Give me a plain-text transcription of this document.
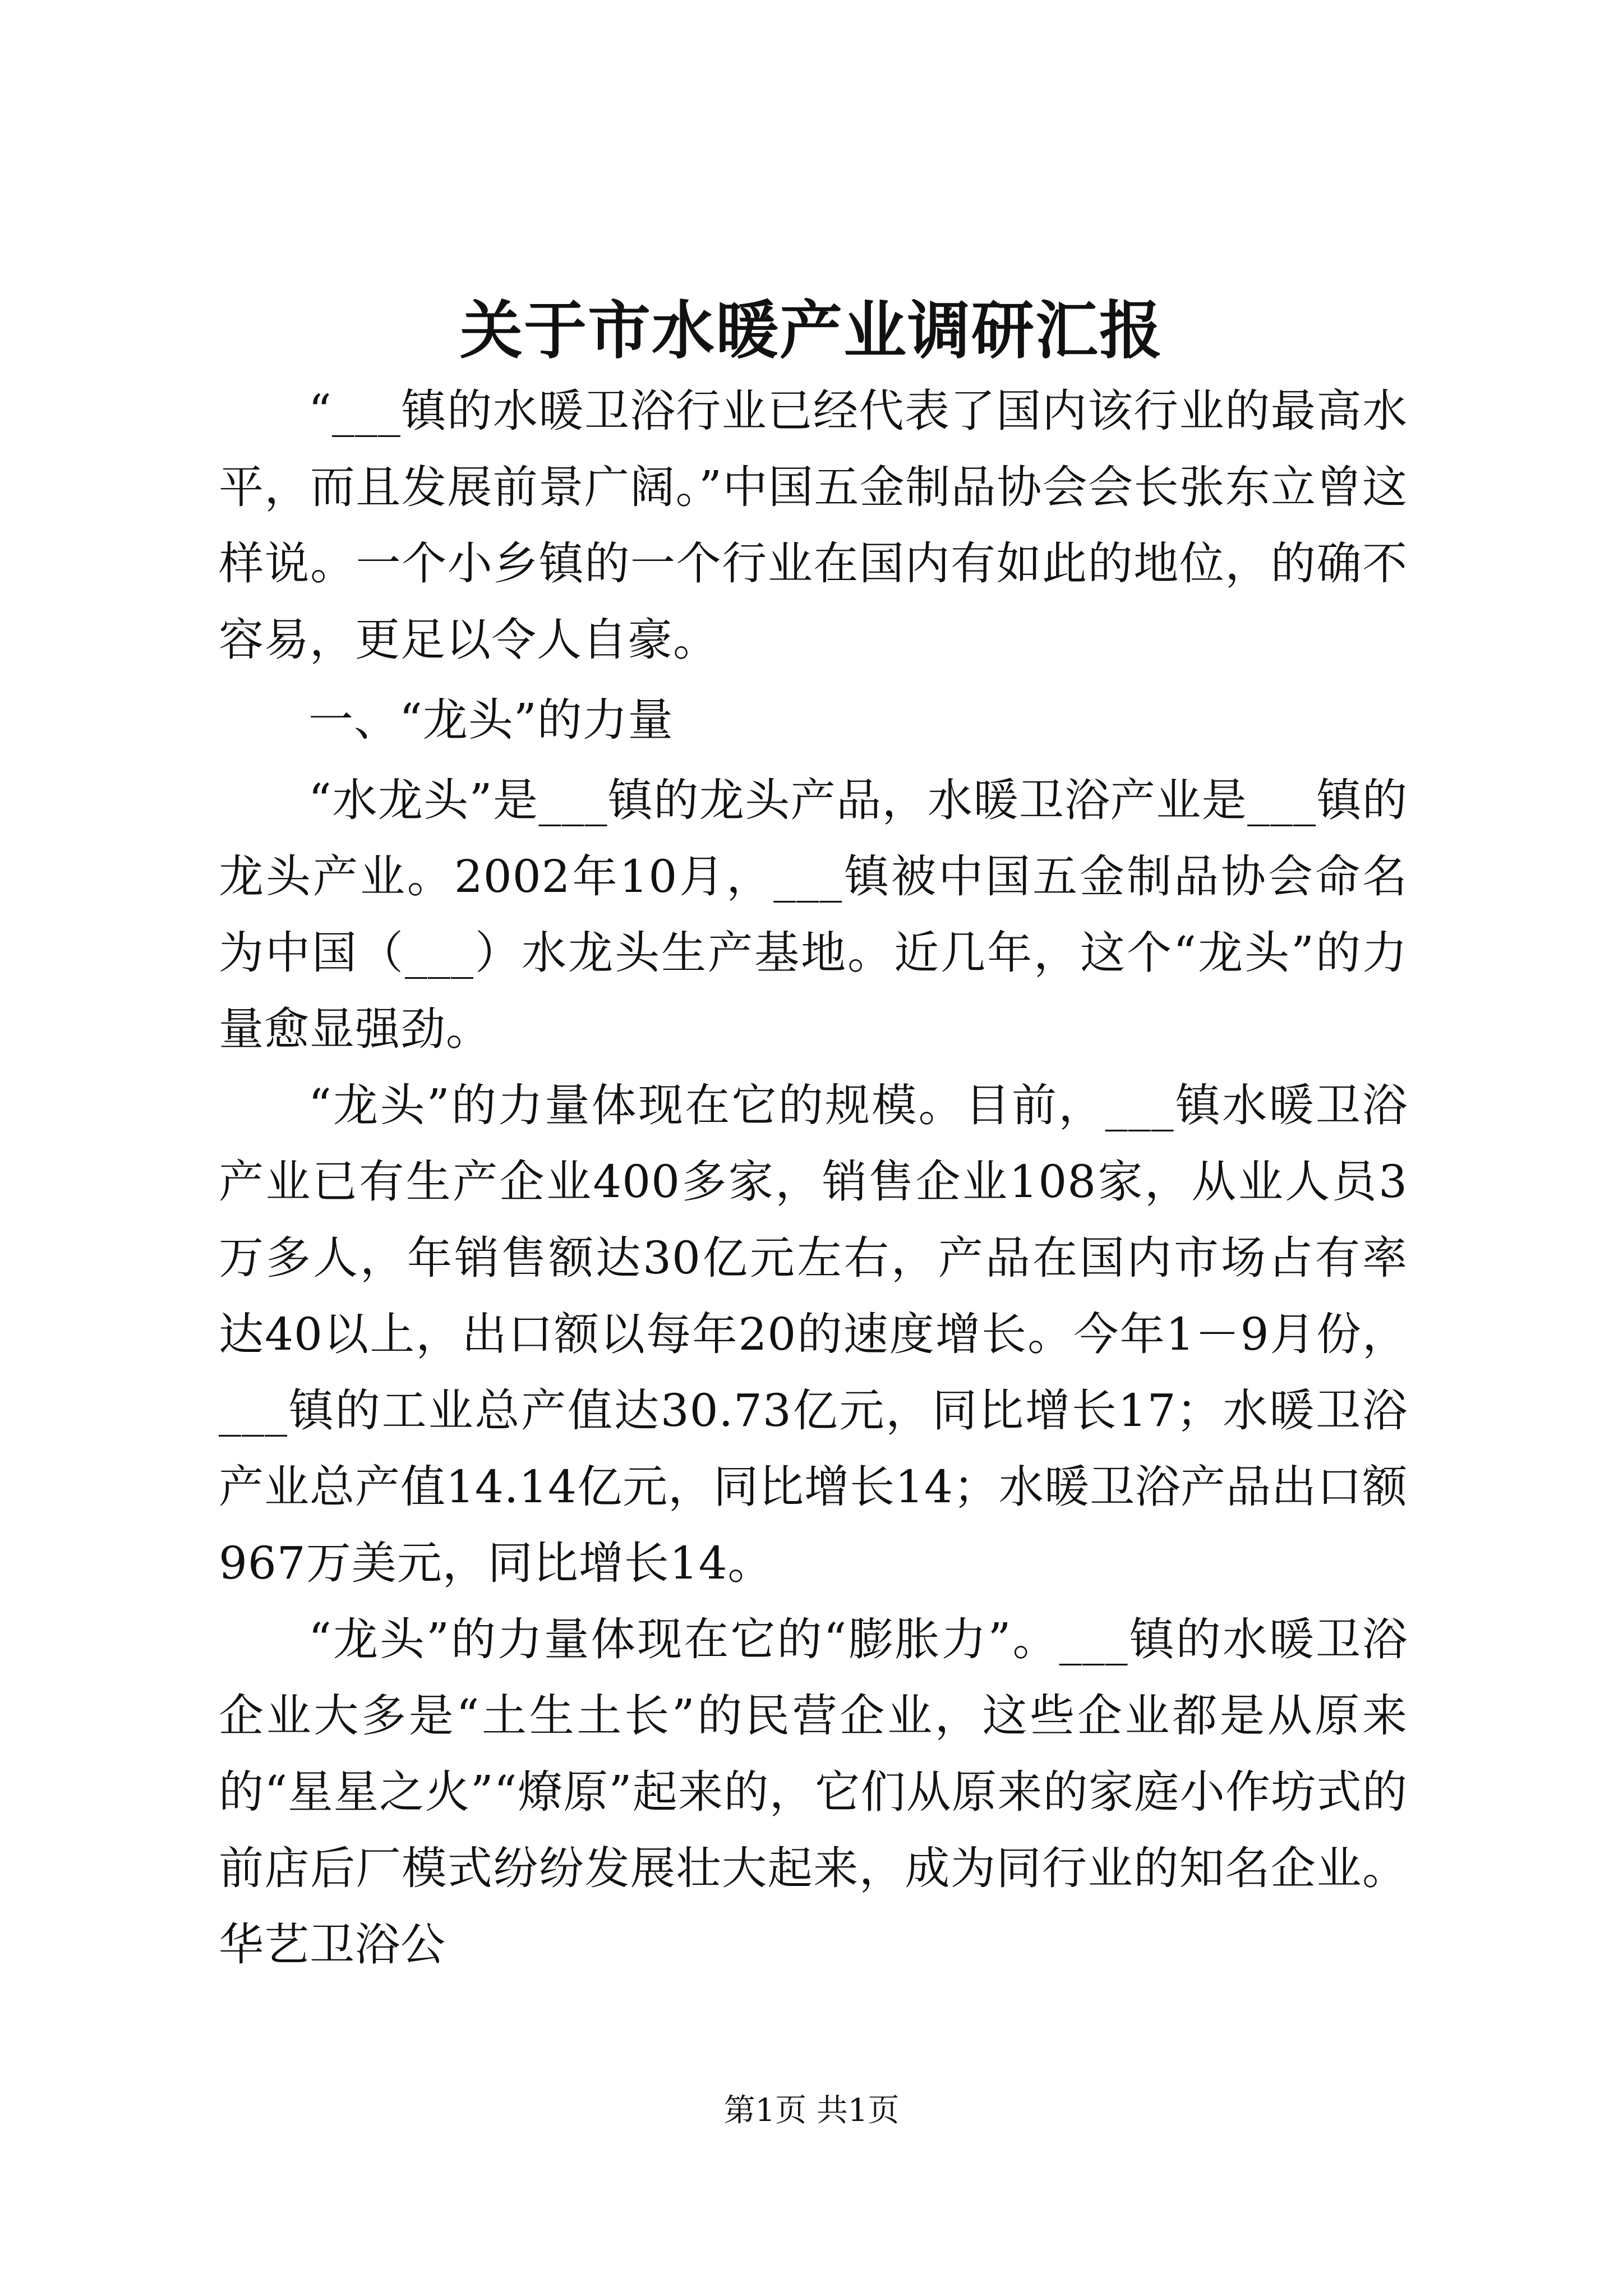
关于市水暖产业调研汇报

“___镇的水暖卫浴行业已经代表了国内该行业的最高水平，而且发展前景广阔。”中国五金制品协会会长张东立曾这样说。一个小乡镇的一个行业在国内有如此的地位，的确不容易，更足以令人自豪。

一、“龙头”的力量

“水龙头”是___镇的龙头产品，水暖卫浴产业是___镇的龙头产业。2002年10月，___镇被中国五金制品协会命名为中国（___）水龙头生产基地。近几年，这个“龙头”的力量愈显强劲。

“龙头”的力量体现在它的规模。目前，___镇水暖卫浴产业已有生产企业400多家，销售企业108家，从业人员3万多人，年销售额达30亿元左右，产品在国内市场占有率达40以上，出口额以每年20的速度增长。今年1－9月份，___镇的工业总产值达30.73亿元，同比增长17；水暖卫浴产业总产值14.14亿元，同比增长14；水暖卫浴产品出口额967万美元，同比增长14。

“龙头”的力量体现在它的“膨胀力”。___镇的水暖卫浴企业大多是“土生土长”的民营企业，这些企业都是从原来的“星星之火”“燎原”起来的，它们从原来的家庭小作坊式的前店后厂模式纷纷发展壮大起来，成为同行业的知名企业。华艺卫浴公

第1页 共1页
